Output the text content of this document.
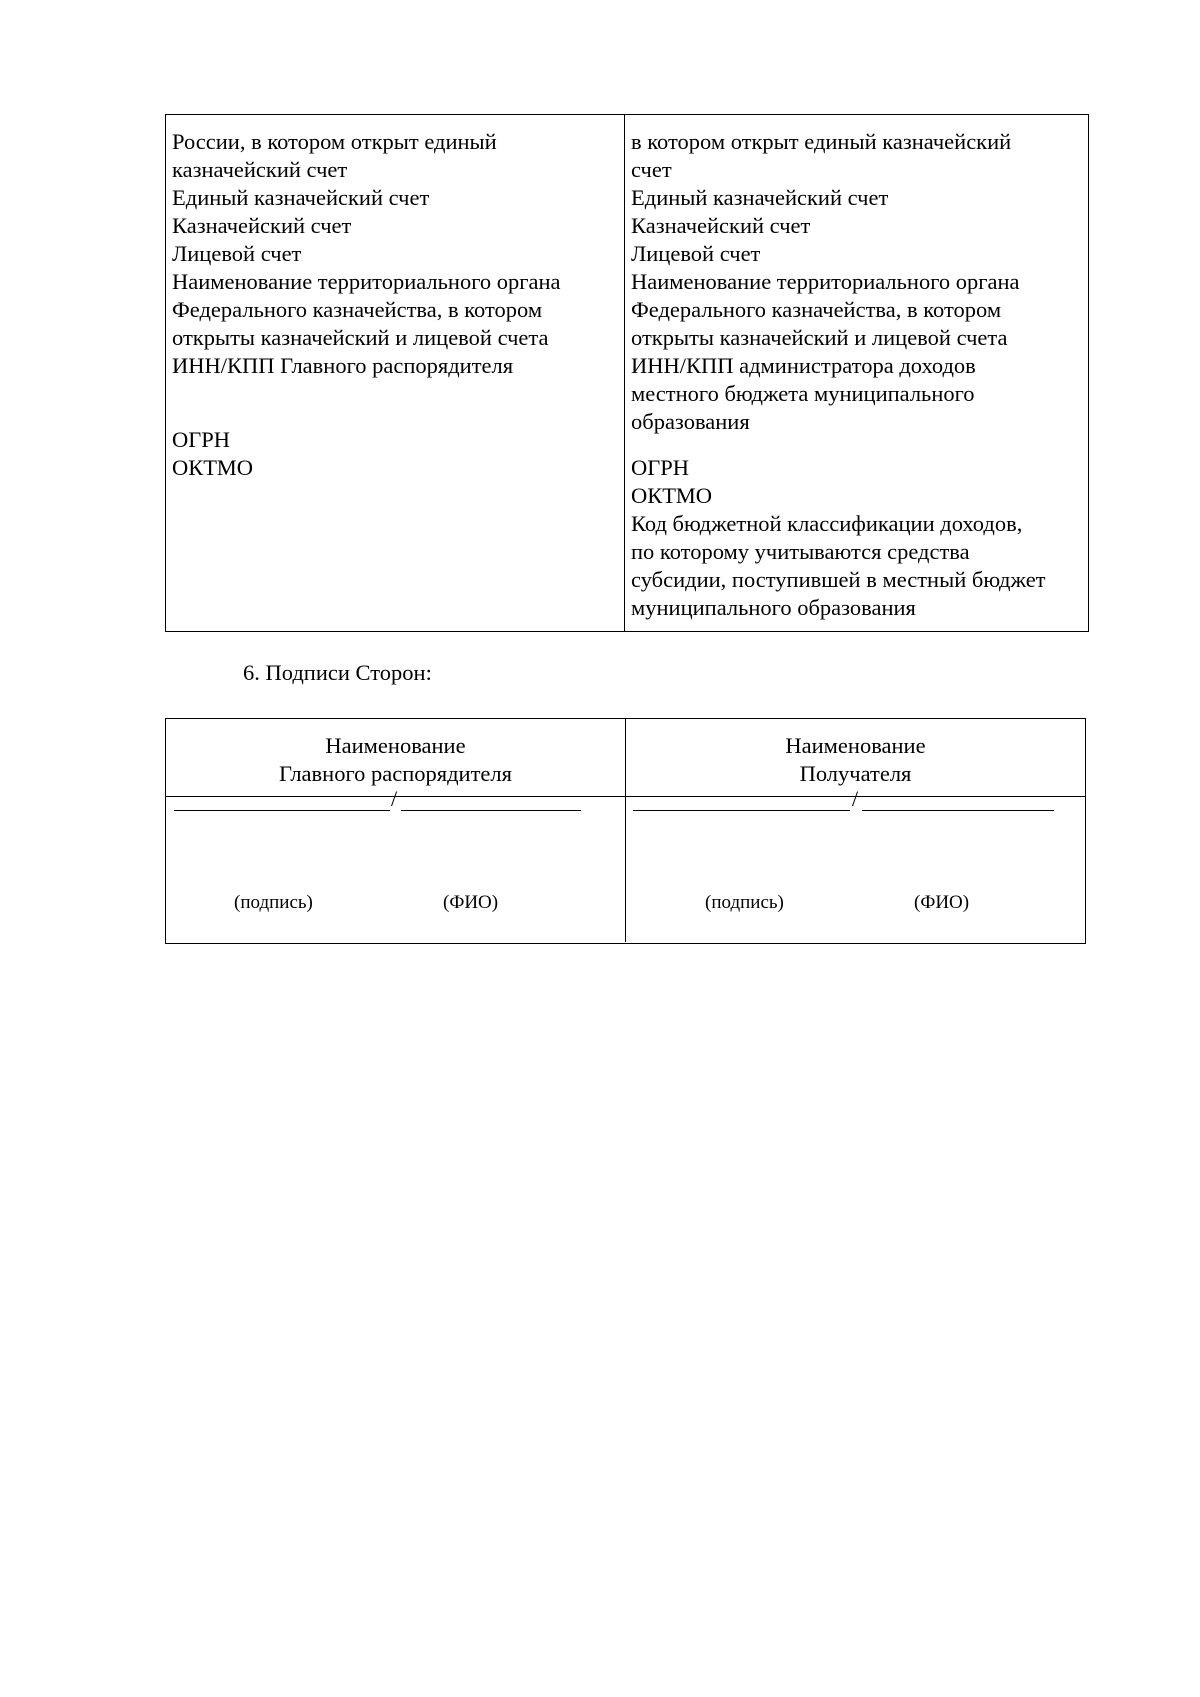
России, в котором открыт единый
казначейский счет
Единый казначейский счет
Казначейский счет
Лицевой счет
Наименование территориального органа
Федерального казначейства, в котором
открыты казначейский и лицевой счета
ИНН/КПП Главного распорядителя
ОГРН
ОКТМО
в котором открыт единый казначейский
счет
Единый казначейский счет
Казначейский счет
Лицевой счет
Наименование территориального органа
Федерального казначейства, в котором
открыты казначейский и лицевой счета
ИНН/КПП администратора доходов
местного бюджета муниципального
образования
ОГРН
ОКТМО
Код бюджетной классификации доходов,
по которому учитываются средства
субсидии, поступившей в местный бюджет
муниципального образования
6. Подписи Сторон:
Наименование
Главного распорядителя
Наименование
Получателя
/
(подпись)	(ФИО)
/
(подпись)	(ФИО)
